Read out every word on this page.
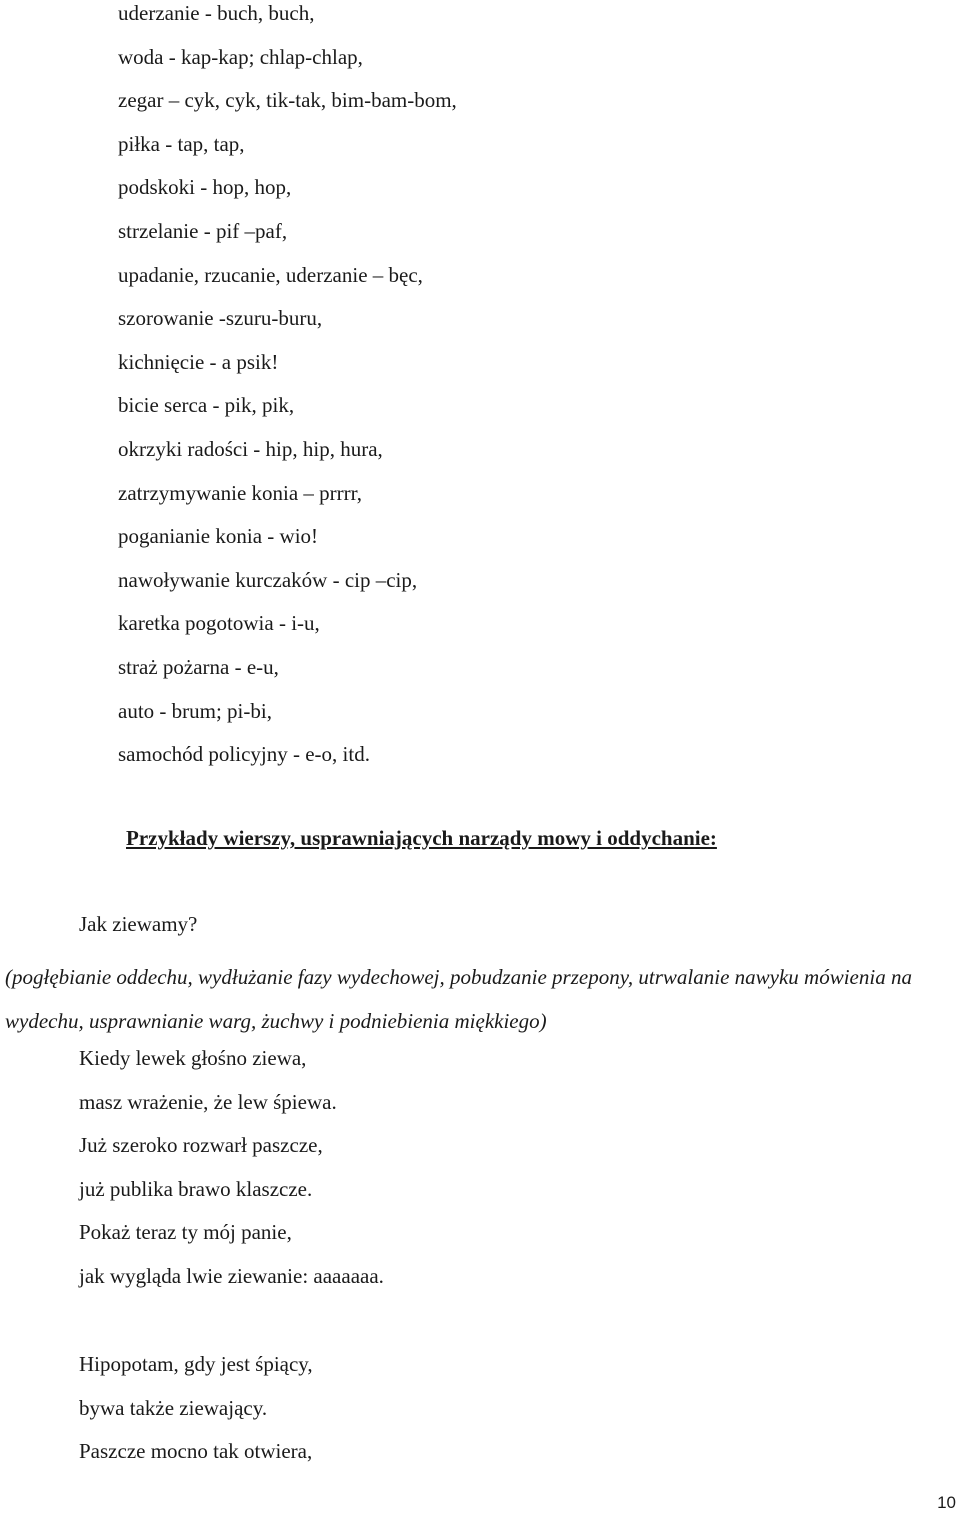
uderzanie - buch, buch,
woda - kap-kap; chlap-chlap,
zegar – cyk, cyk, tik-tak, bim-bam-bom,
piłka - tap, tap,
podskoki - hop, hop,
strzelanie - pif –paf,
upadanie, rzucanie, uderzanie – bęc,
szorowanie -szuru-buru,
kichnięcie - a psik!
bicie serca - pik, pik,
okrzyki radości - hip, hip, hura,
zatrzymywanie konia – prrrr,
poganianie konia - wio!
nawoływanie kurczaków - cip –cip,
karetka pogotowia - i-u,
straż pożarna - e-u,
auto - brum; pi-bi,
samochód policyjny - e-o, itd.
Przykłady wierszy, usprawniających narządy mowy i oddychanie:

Jak ziewamy?

(pogłębianie oddechu, wydłużanie fazy wydechowej, pobudzanie przepony, utrwalanie nawyku mówienia na wydechu, usprawnianie warg, żuchwy i podniebienia miękkiego)

Kiedy lewek głośno ziewa,
masz wrażenie, że lew śpiewa.
Już szeroko rozwarł paszcze,
już publika brawo klaszcze.
Pokaż teraz ty mój panie,
jak wygląda lwie ziewanie: aaaaaaa.
Hipopotam, gdy jest śpiący,
bywa także ziewający.
Paszcze mocno tak otwiera,
10
